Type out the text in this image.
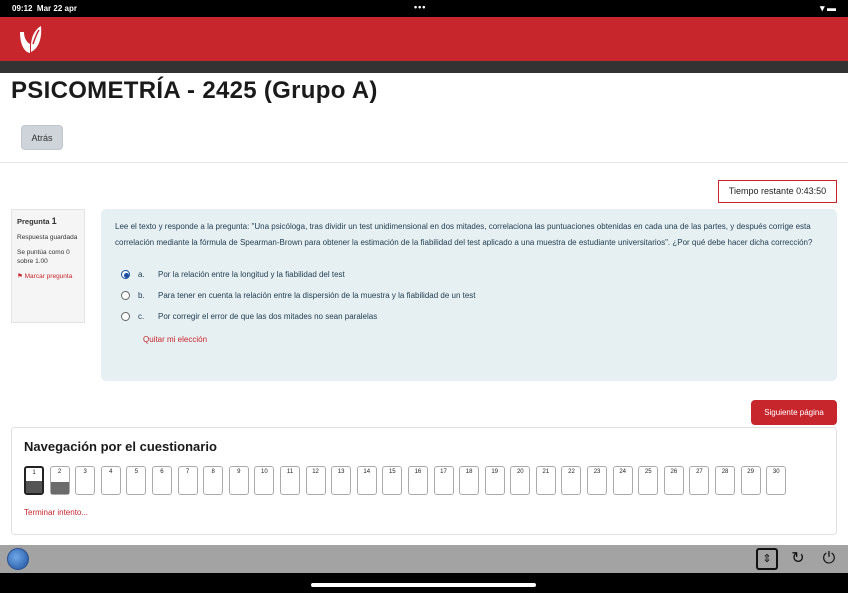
09:12 Mar 22 apr	•••	▾ ▬
PSICOMETRÍA - 2425 (Grupo A)
Atrás
Tiempo restante 0:43:50
Pregunta 1

Respuesta guardada

Se puntúa como 0 sobre 1.00

⚑ Marcar pregunta

Lee el texto y responde a la pregunta: "Una psicóloga, tras dividir un test unidimensional en dos mitades, correlaciona las puntuaciones obtenidas en cada una de las partes, y después corrige esta correlación mediante la fórmula de Spearman-Brown para obtener la estimación de la fiabilidad del test aplicado a una muestra de estudiante universitarios". ¿Por qué debe hacer dicha corrección?
a.	Por la relación entre la longitud y la fiabilidad del test
b.	Para tener en cuenta la relación entre la dispersión de la muestra y la fiabilidad de un test
c.	Por corregir el error de que las dos mitades no sean paralelas
Quitar mi elección
Siguiente página
Navegación por el cuestionario
1	2	3	4	5	6	7	8	9	10	11	12	13	14	15	16	17	18	19	20	21	22	23	24	25	26	27	28	29	30
Terminar intento...
⇕	↻ ⏻
